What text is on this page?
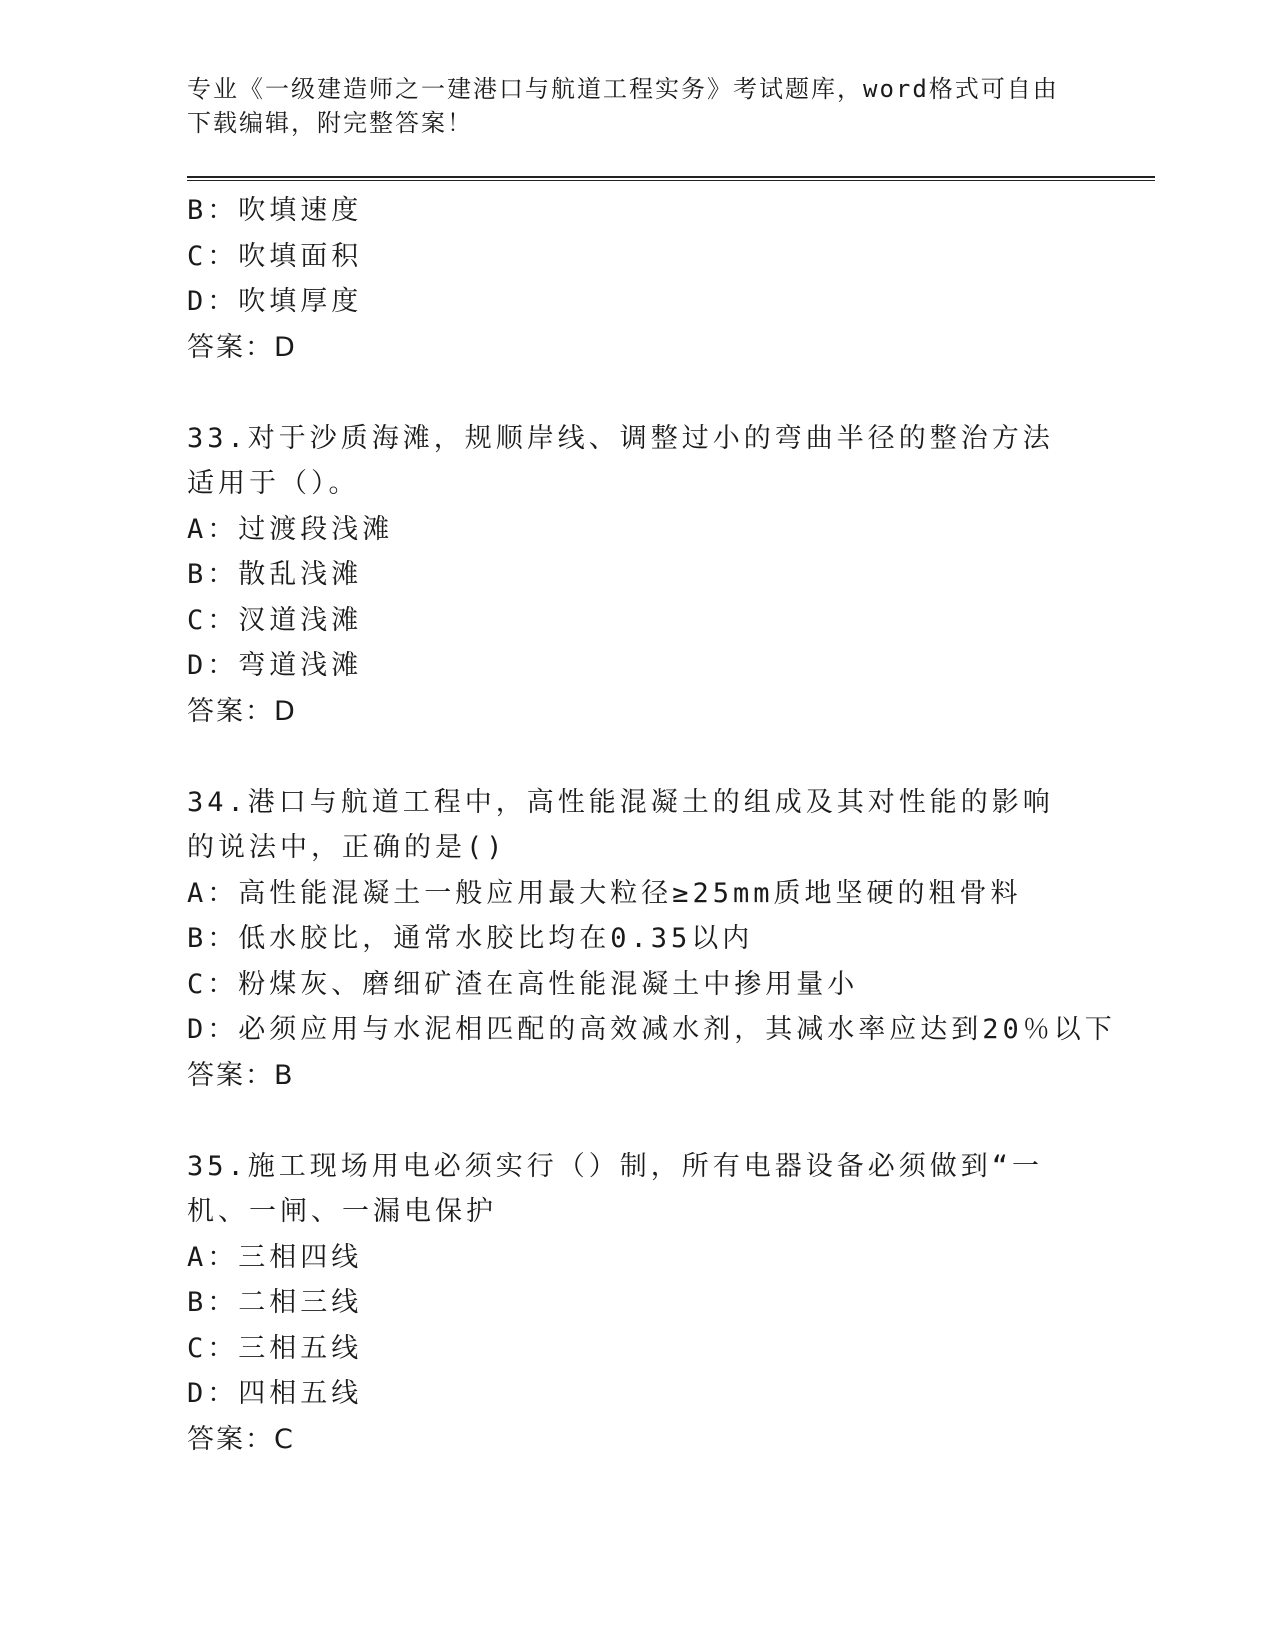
专业《一级建造师之一建港口与航道工程实务》考试题库，word格式可自由下载编辑，附完整答案！
B：吹填速度
C：吹填面积
D：吹填厚度
答案：D
33.对于沙质海滩，规顺岸线、调整过小的弯曲半径的整治方法适用于（）。
A：过渡段浅滩
B：散乱浅滩
C：汊道浅滩
D：弯道浅滩
答案：D
34.港口与航道工程中，高性能混凝土的组成及其对性能的影响的说法中，正确的是()
A：高性能混凝土一般应用最大粒径≥25mm质地坚硬的粗骨料
B：低水胶比，通常水胶比均在0.35以内
C：粉煤灰、磨细矿渣在高性能混凝土中掺用量小
D：必须应用与水泥相匹配的高效减水剂，其减水率应达到20％以下
答案：B
35.施工现场用电必须实行（）制，所有电器设备必须做到“一机、一闸、一漏电保护
A：三相四线
B：二相三线
C：三相五线
D：四相五线
答案：C
